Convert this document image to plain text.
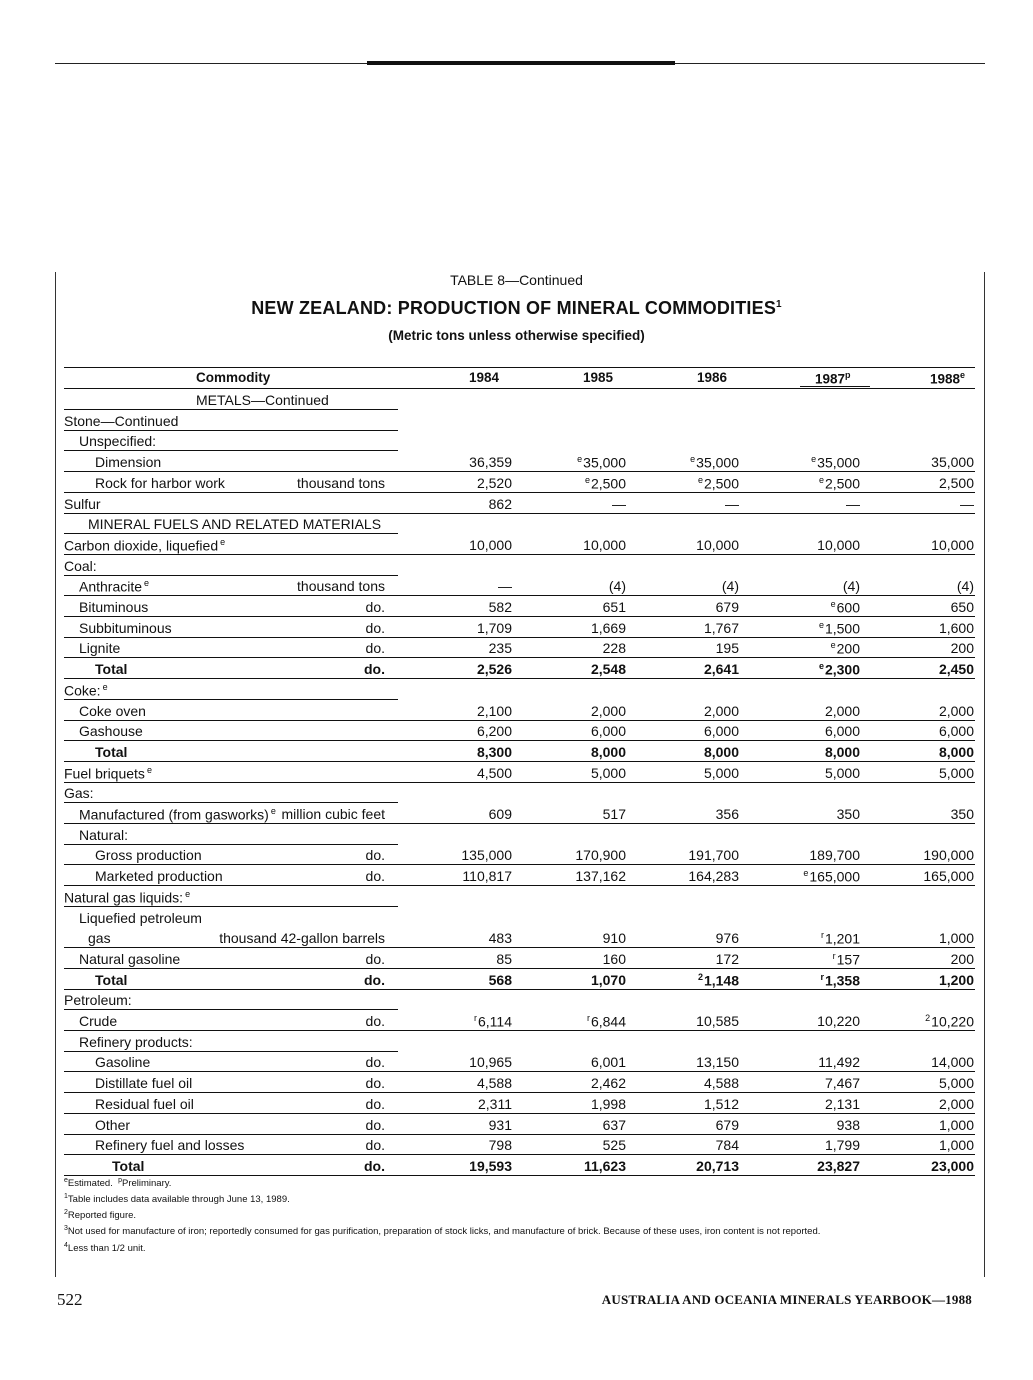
TABLE 8—Continued
NEW ZEALAND: PRODUCTION OF MINERAL COMMODITIES$^1$
(Metric tons unless otherwise specified)
Commodity	1984	1985	1986	1987$^p$	1988e
METALS—Continued
Stone—Continued
Unspecified:
Dimension	36,359	$^e$35,000	$^e$35,000	$^e$35,000	35,000
Rock for harbor work	thousand tons	2,520	$^e$2,500	$^e$2,500	$^e$2,500	2,500
Sulfur	862	—	—	—	—
MINERAL FUELS AND RELATED MATERIALS
Carbon dioxide, liquefied $^e$	10,000	10,000	10,000	10,000	10,000
Coal:
Anthracite $^e$	thousand tons	—	(4)	(4)	(4)	(4)
Bituminous	do.	582	651	679	$^e$600	650
Subbituminous	do.	1,709	1,669	1,767	$^e$1,500	1,600
Lignite	do.	235	228	195	$^e$200	200
Total	do.	2,526	2,548	2,641	$^e$2,300	2,450
Coke: $^e$
Coke oven	2,100	2,000	2,000	2,000	2,000
Gashouse	6,200	6,000	6,000	6,000	6,000
Total	8,300	8,000	8,000	8,000	8,000
Fuel briquets $^e$	4,500	5,000	5,000	5,000	5,000
Gas:
Manufactured (from gasworks) $^e$ million cubic feet	609	517	356	350	350
Natural:
Gross production	do.	135,000	170,900	191,700	189,700	190,000
Marketed production	do.	110,817	137,162	164,283	$^e$165,000	165,000
Natural gas liquids: $^e$
Liquefied petroleum
gas	thousand 42-gallon barrels	483	910	976	$^r$1,201	1,000
Natural gasoline	do.	85	160	172	$^r$157	200
Total	do.	568	1,070	$^2$1,148	$^r$1,358	1,200
Petroleum:
Crude	do.	$^r$6,114	$^r$6,844	10,585	10,220	$^2$10,220
Refinery products:
Gasoline	do.	10,965	6,001	13,150	11,492	14,000
Distillate fuel oil	do.	4,588	2,462	4,588	7,467	5,000
Residual fuel oil	do.	2,311	1,998	1,512	2,131	2,000
Other	do.	931	637	679	938	1,000
Refinery fuel and losses	do.	798	525	784	1,799	1,000
Total	do.	19,593	11,623	20,713	23,827	23,000
$^e$Estimated. $^p$Preliminary.
$^1$Table includes data available through June 13, 1989.
$^2$Reported figure.
$^3$Not used for manufacture of iron; reportedly consumed for gas purification, preparation of stock licks, and manufacture of brick. Because of these uses, iron content is not reported.
$^4$Less than 1/2 unit.
522	AUSTRALIA AND OCEANIA MINERALS YEARBOOK—1988
